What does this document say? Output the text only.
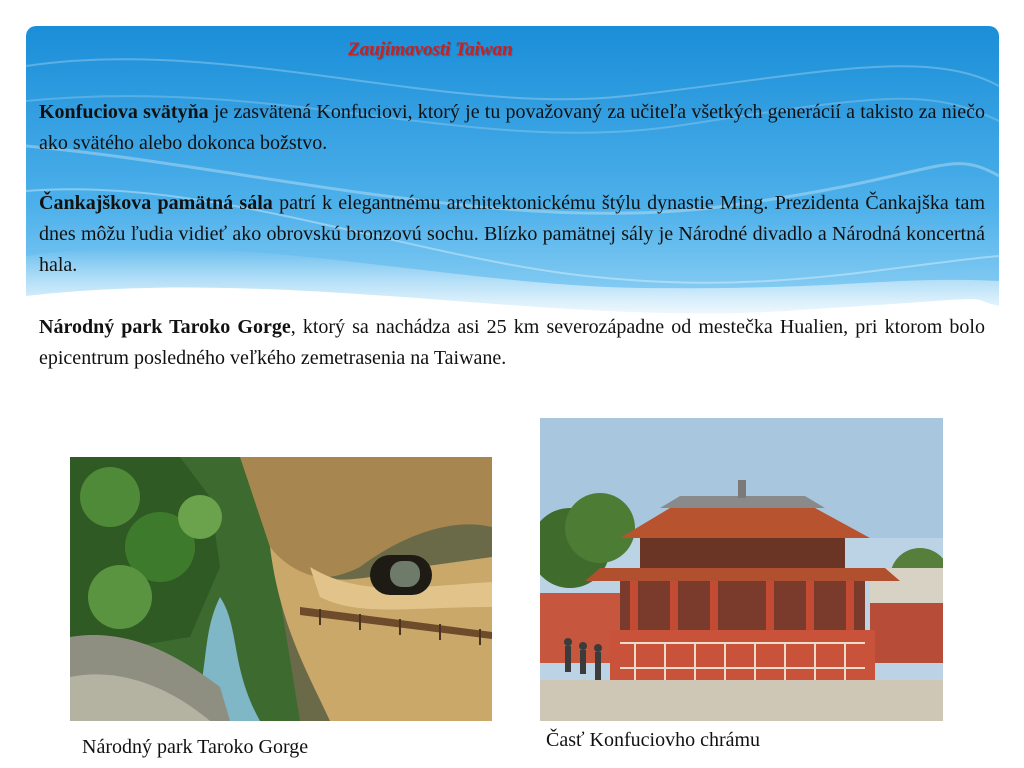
Zaujímavosti Taiwan

Konfuciova svätyňa je zasvätená Konfuciovi, ktorý je tu považovaný za učiteľa všetkých generácií a takisto za niečo ako svätého alebo dokonca božstvo.

Čankajškova pamätná sála patrí k elegantnému architektonickému štýlu dynastie Ming. Prezidenta Čankajška tam dnes môžu ľudia vidieť ako obrovskú bronzovú sochu. Blízko pamätnej sály je Národné divadlo a Národná koncertná hala.

Národný park Taroko Gorge, ktorý sa nachádza asi 25 km severozápadne od mestečka Hualien, pri ktorom bolo epicentrum posledného veľkého zemetrasenia na Taiwane.

Národný park Taroko Gorge	Časť Konfuciovho chrámu
